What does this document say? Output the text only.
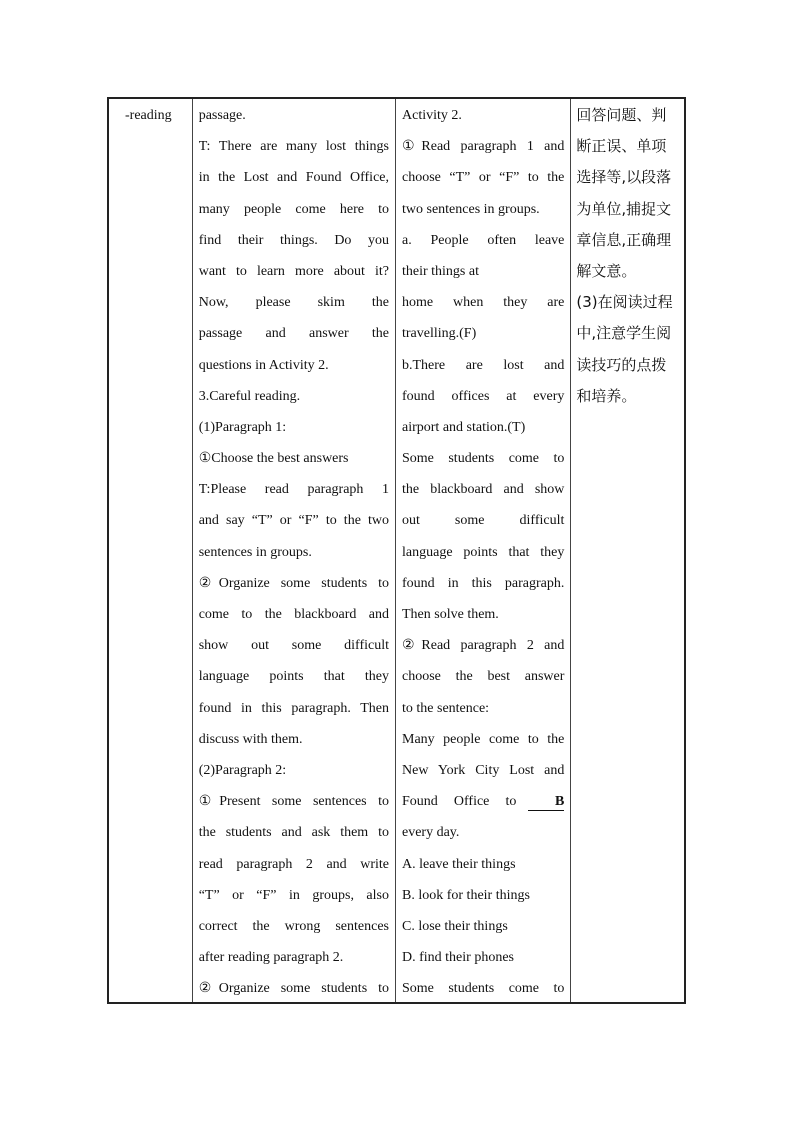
-reading	passage.
T: There are many lost things
in the Lost and Found Office,
many people come here to
find their things. Do you
want to learn more about it?
Now, please skim the
passage and answer the
questions in Activity 2.
3.Careful reading.
(1)Paragraph 1:
①Choose the best answers
T:Please read paragraph 1
and say “T” or “F” to the two
sentences in groups.
②Organize some students to
come to the blackboard and
show out some difficult
language points that they
found in this paragraph. Then
discuss with them.
(2)Paragraph 2:
①Present some sentences to
the students and ask them to
read paragraph 2 and write
“T” or “F” in groups, also
correct the wrong sentences
after reading paragraph 2.
②Organize some students to
Activity 2.
①Read paragraph 1 and
choose “T” or “F” to the
two sentences in groups.
a. People often leave
their things at
home when they are
travelling.(F)
b.There are lost and
found offices at every
airport and station.(T)
Some students come to
the blackboard and show
out some difficult
language points that they
found in this paragraph.
Then solve them.
②Read paragraph 2 and
choose the best answer
to the sentence:
Many people come to the
New York City Lost and
Found Office to	B
every day.
A. leave their things
B. look for their things
C. lose their things
D. find their phones
Some students come to
回答问题、判
断正误、单项
选择等,以段落
为单位,捕捉文
章信息,正确理
解文意。
(3)在阅读过程
中,注意学生阅
读技巧的点拨
和培养。
